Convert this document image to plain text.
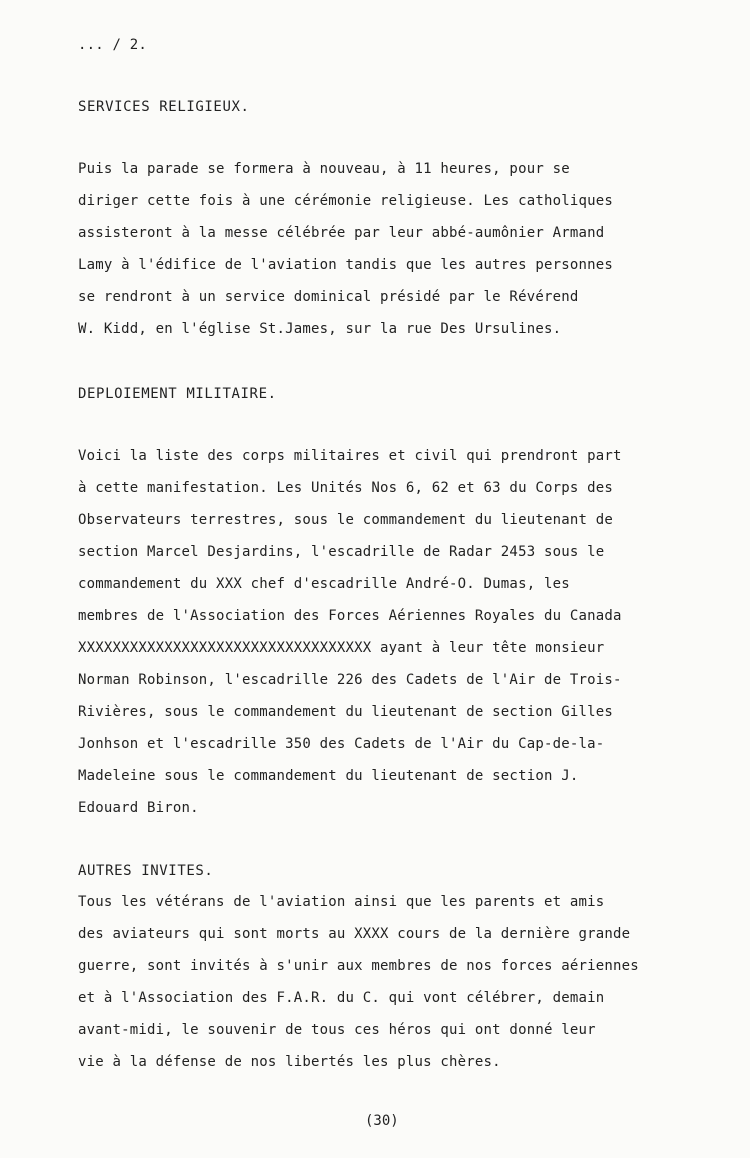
... / 2.

SERVICES RELIGIEUX.

Puis la parade se formera à nouveau, à 11 heures, pour se

diriger cette fois à une cérémonie religieuse. Les catholiques

assisteront à la messe célébrée par leur abbé-aumônier Armand

Lamy à l'édifice de l'aviation tandis que les autres personnes

se rendront à un service dominical présidé par le Révérend

W. Kidd, en l'église St.James, sur la rue Des Ursulines.

DEPLOIEMENT MILITAIRE.

Voici la liste des corps militaires et civil qui prendront part

à cette manifestation. Les Unités Nos 6, 62 et 63 du Corps des

Observateurs terrestres, sous le commandement du lieutenant de

section Marcel Desjardins, l'escadrille de Radar 2453 sous le

commandement du XXX chef d'escadrille André-O. Dumas, les

membres de l'Association des Forces Aériennes Royales du Canada

XXXXXXXXXXXXXXXXXXXXXXXXXXXXXXXXXX ayant à leur tête monsieur

Norman Robinson, l'escadrille 226 des Cadets de l'Air de Trois-

Rivières, sous le commandement du lieutenant de section Gilles

Jonhson et l'escadrille 350 des Cadets de l'Air du Cap-de-la-

Madeleine sous le commandement du lieutenant de section J.

Edouard Biron.

AUTRES INVITES.

Tous les vétérans de l'aviation ainsi que les parents et amis

des aviateurs qui sont morts au XXXX cours de la dernière grande

guerre, sont invités à s'unir aux membres de nos forces aériennes

et à l'Association des F.A.R. du C. qui vont célébrer, demain

avant-midi, le souvenir de tous ces héros qui ont donné leur

vie à la défense de nos libertés les plus chères.

(30)
